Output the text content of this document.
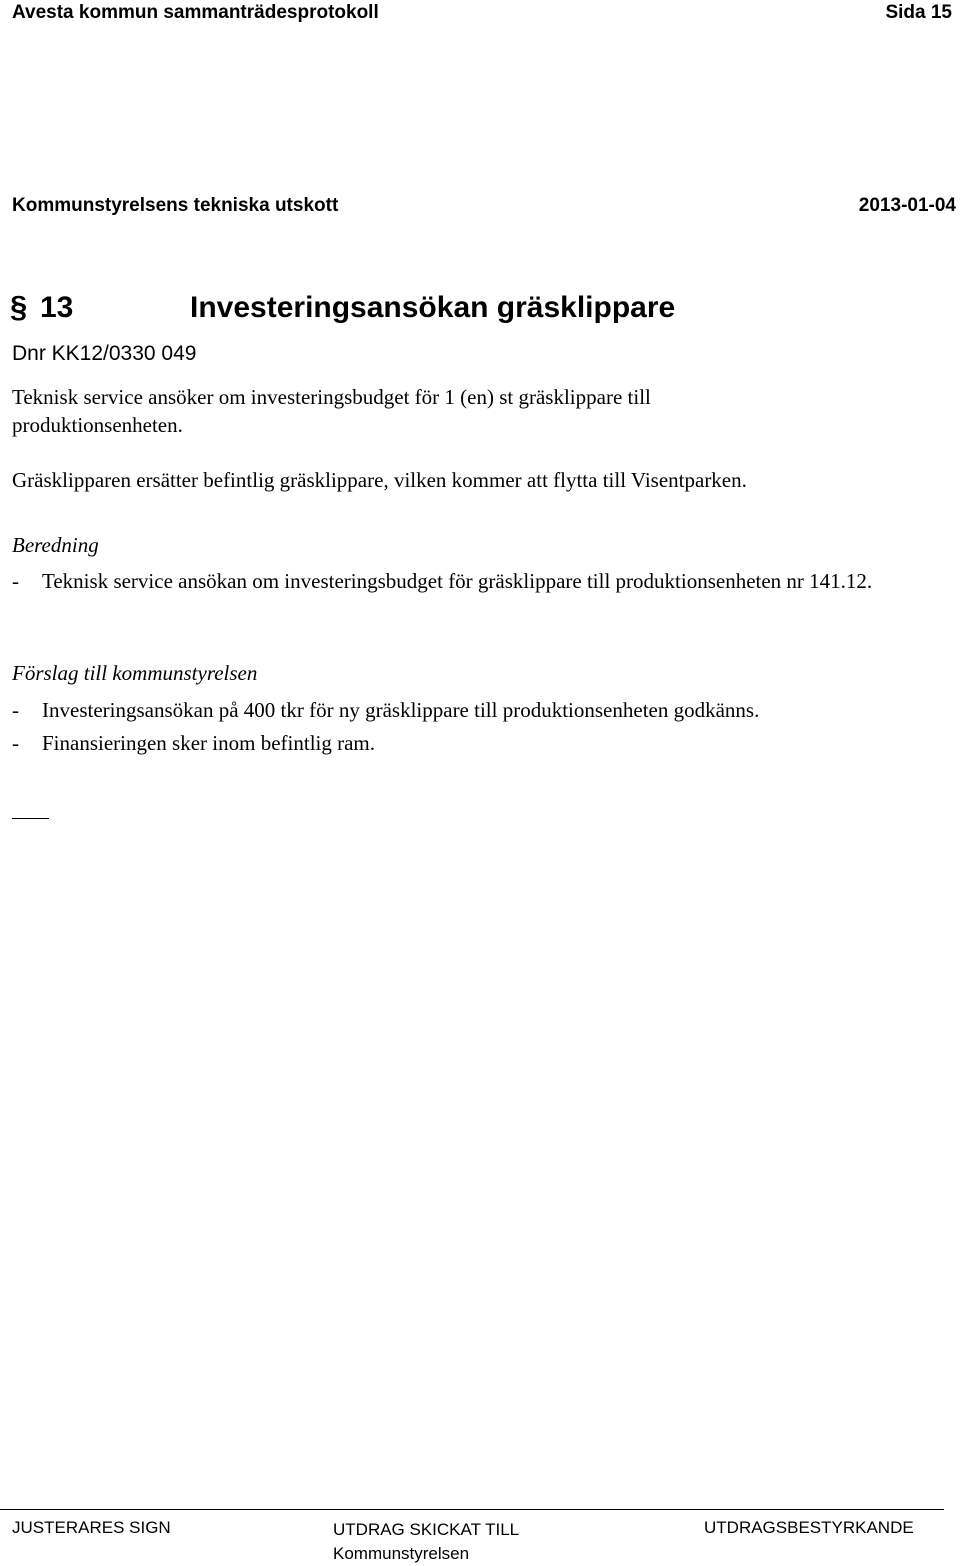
Avesta kommun sammanträdesprotokoll	Sida 15
Kommunstyrelsens tekniska utskott	2013-01-04
§ 13	Investeringsansökan gräsklippare
Dnr KK12/0330 049
Teknisk service ansöker om investeringsbudget för 1 (en) st gräsklippare till produktionsenheten.
Gräsklipparen ersätter befintlig gräsklippare, vilken kommer att flytta till Visentparken.
Beredning
-	Teknisk service ansökan om investeringsbudget för gräsklippare till produktionsenheten nr 141.12.
Förslag till kommunstyrelsen
-	Investeringsansökan på 400 tkr för ny gräsklippare till produktionsenheten godkänns.
-	Finansieringen sker inom befintlig ram.
JUSTERARES SIGN	UTDRAG SKICKAT TILL
Kommunstyrelsen
UTDRAGSBESTYRKANDE
